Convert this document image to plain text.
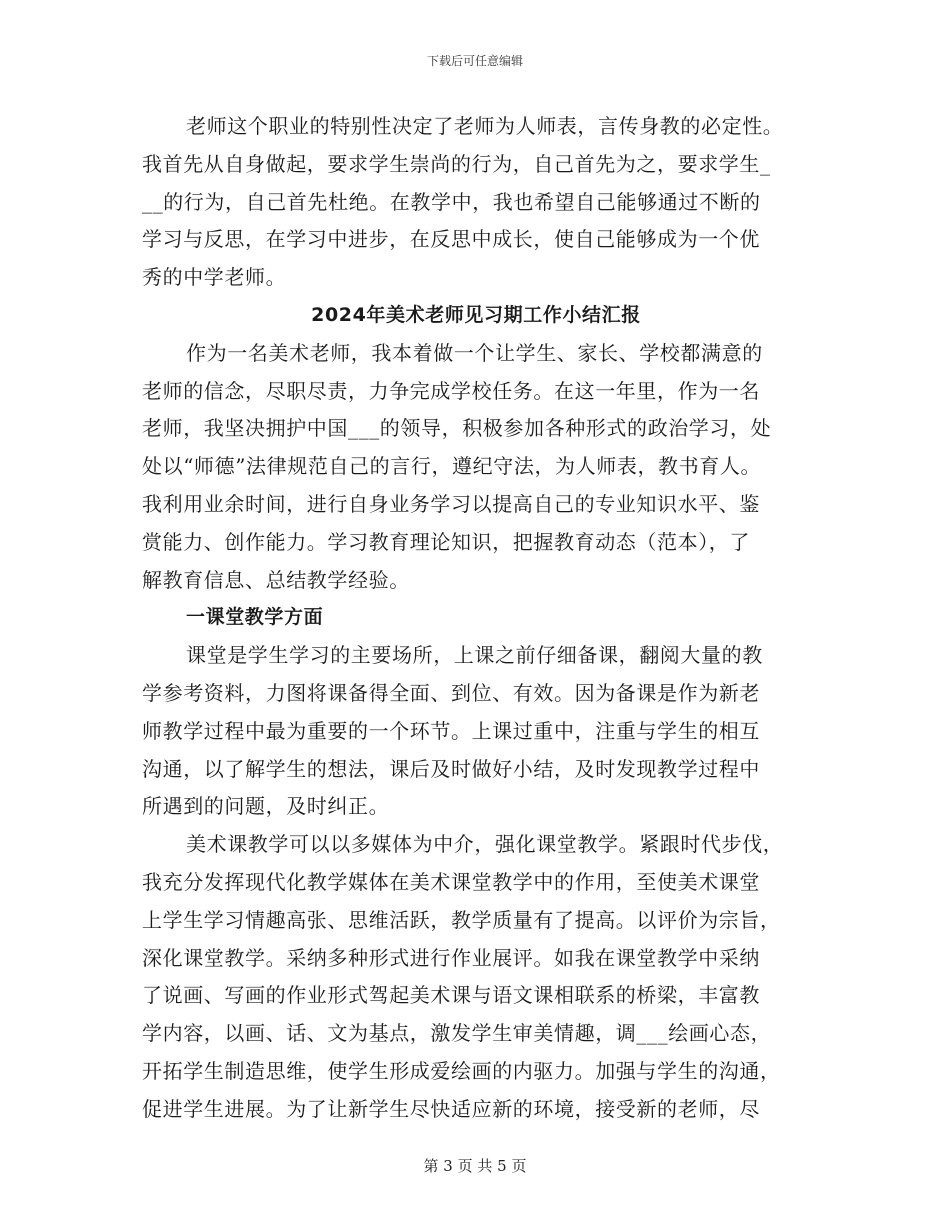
下载后可任意编辑
老师这个职业的特别性决定了老师为人师表，言传身教的必定性。
我首先从自身做起，要求学生崇尚的行为，自己首先为之，要求学生_
__的行为，自己首先杜绝。在教学中，我也希望自己能够通过不断的
学习与反思，在学习中进步，在反思中成长，使自己能够成为一个优
秀的中学老师。
2024年美术老师见习期工作小结汇报
作为一名美术老师，我本着做一个让学生、家长、学校都满意的
老师的信念，尽职尽责，力争完成学校任务。在这一年里，作为一名
老师，我坚决拥护中国___的领导，积极参加各种形式的政治学习，处
处以“师德”法律规范自己的言行，遵纪守法，为人师表，教书育人。
我利用业余时间，进行自身业务学习以提高自己的专业知识水平、鉴
赏能力、创作能力。学习教育理论知识，把握教育动态（范本），了
解教育信息、总结教学经验。
一课堂教学方面
课堂是学生学习的主要场所，上课之前仔细备课，翻阅大量的教
学参考资料，力图将课备得全面、到位、有效。因为备课是作为新老
师教学过程中最为重要的一个环节。上课过重中，注重与学生的相互
沟通，以了解学生的想法，课后及时做好小结，及时发现教学过程中
所遇到的问题，及时纠正。
美术课教学可以以多媒体为中介，强化课堂教学。紧跟时代步伐，
我充分发挥现代化教学媒体在美术课堂教学中的作用，至使美术课堂
上学生学习情趣高张、思维活跃，教学质量有了提高。以评价为宗旨，
深化课堂教学。采纳多种形式进行作业展评。如我在课堂教学中采纳
了说画、写画的作业形式驾起美术课与语文课相联系的桥梁，丰富教
学内容，以画、话、文为基点，激发学生审美情趣，调___绘画心态，
开拓学生制造思维，使学生形成爱绘画的内驱力。加强与学生的沟通，
促进学生进展。为了让新学生尽快适应新的环境，接受新的老师，尽
第 3 页 共 5 页
